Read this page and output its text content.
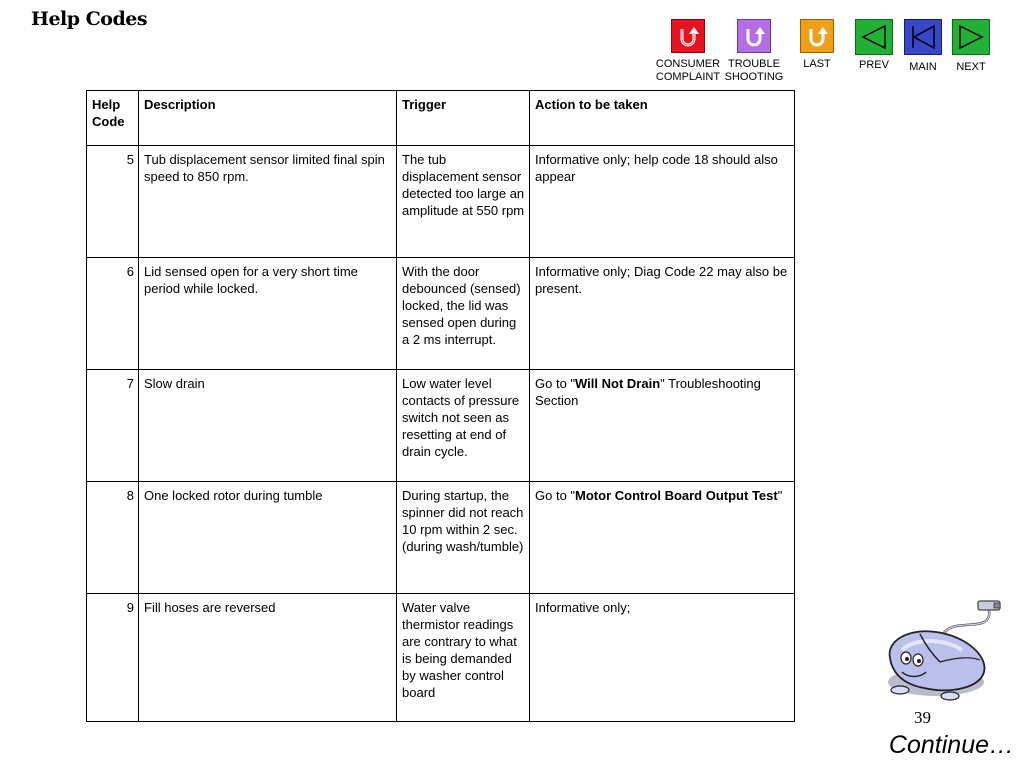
Help Codes
CONSUMER
COMPLAINT
TROUBLE
SHOOTING
LAST	PREV MAIN NEXT
Help Code	Description	Trigger	Action to be taken
5	Tub displacement sensor limited final spin speed to 850 rpm.	The tub displacement sensor detected too large an amplitude at 550 rpm	Informative only; help code 18 should also appear
6	Lid sensed open for a very short time period while locked.	With the door debounced (sensed) locked, the lid was sensed open during a 2 ms interrupt.	Informative only; Diag Code 22 may also be present.
7	Slow drain	Low water level contacts of pressure switch not seen as resetting at end of drain cycle.	Go to "Will Not Drain" Troubleshooting Section
8	One locked rotor during tumble	During startup, the spinner did not reach 10 rpm within 2 sec. (during wash/tumble)	Go to "Motor Control Board Output Test"
9	Fill hoses are reversed	Water valve thermistor readings are contrary to what is being demanded by washer control board	Informative only;
39
Continue…
